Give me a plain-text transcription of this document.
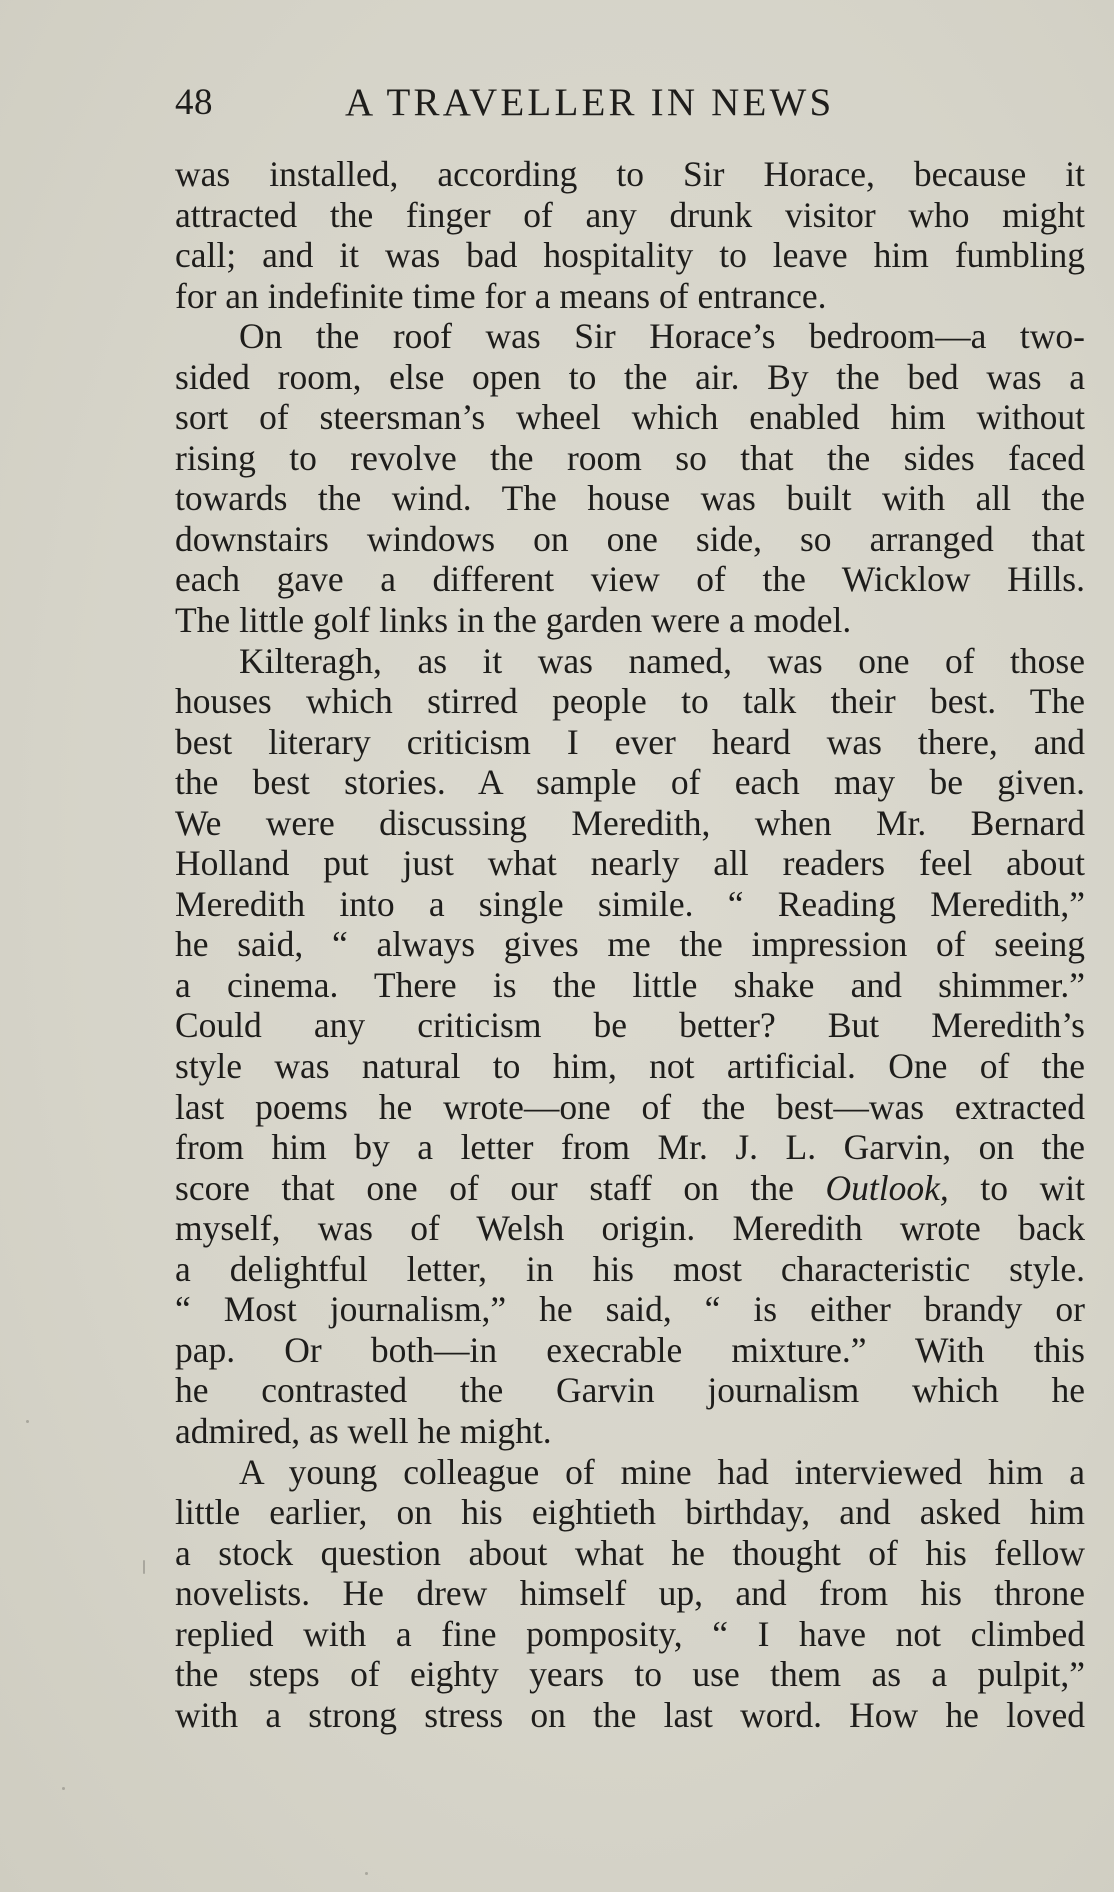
48	A TRAVELLER IN NEWS
was installed, according to Sir Horace, because it
attracted the finger of any drunk visitor who might
call; and it was bad hospitality to leave him fumbling
for an indefinite time for a means of entrance.
On the roof was Sir Horace’s bedroom—a two-
sided room, else open to the air. By the bed was a
sort of steersman’s wheel which enabled him without
rising to revolve the room so that the sides faced
towards the wind. The house was built with all the
downstairs windows on one side, so arranged that
each gave a different view of the Wicklow Hills.
The little golf links in the garden were a model.
Kilteragh, as it was named, was one of those
houses which stirred people to talk their best. The
best literary criticism I ever heard was there, and
the best stories. A sample of each may be given.
We were discussing Meredith, when Mr. Bernard
Holland put just what nearly all readers feel about
Meredith into a single simile. “ Reading Meredith,”
he said, “ always gives me the impression of seeing
a cinema. There is the little shake and shimmer.”
Could any criticism be better? But Meredith’s
style was natural to him, not artificial. One of the
last poems he wrote—one of the best—was extracted
from him by a letter from Mr. J. L. Garvin, on the
score that one of our staff on the Outlook, to wit
myself, was of Welsh origin. Meredith wrote back
a delightful letter, in his most characteristic style.
“ Most journalism,” he said, “ is either brandy or
pap. Or both—in execrable mixture.” With this
he contrasted the Garvin journalism which he
admired, as well he might.
A young colleague of mine had interviewed him a
little earlier, on his eightieth birthday, and asked him
a stock question about what he thought of his fellow
novelists. He drew himself up, and from his throne
replied with a fine pomposity, “ I have not climbed
the steps of eighty years to use them as a pulpit,”
with a strong stress on the last word. How he loved
